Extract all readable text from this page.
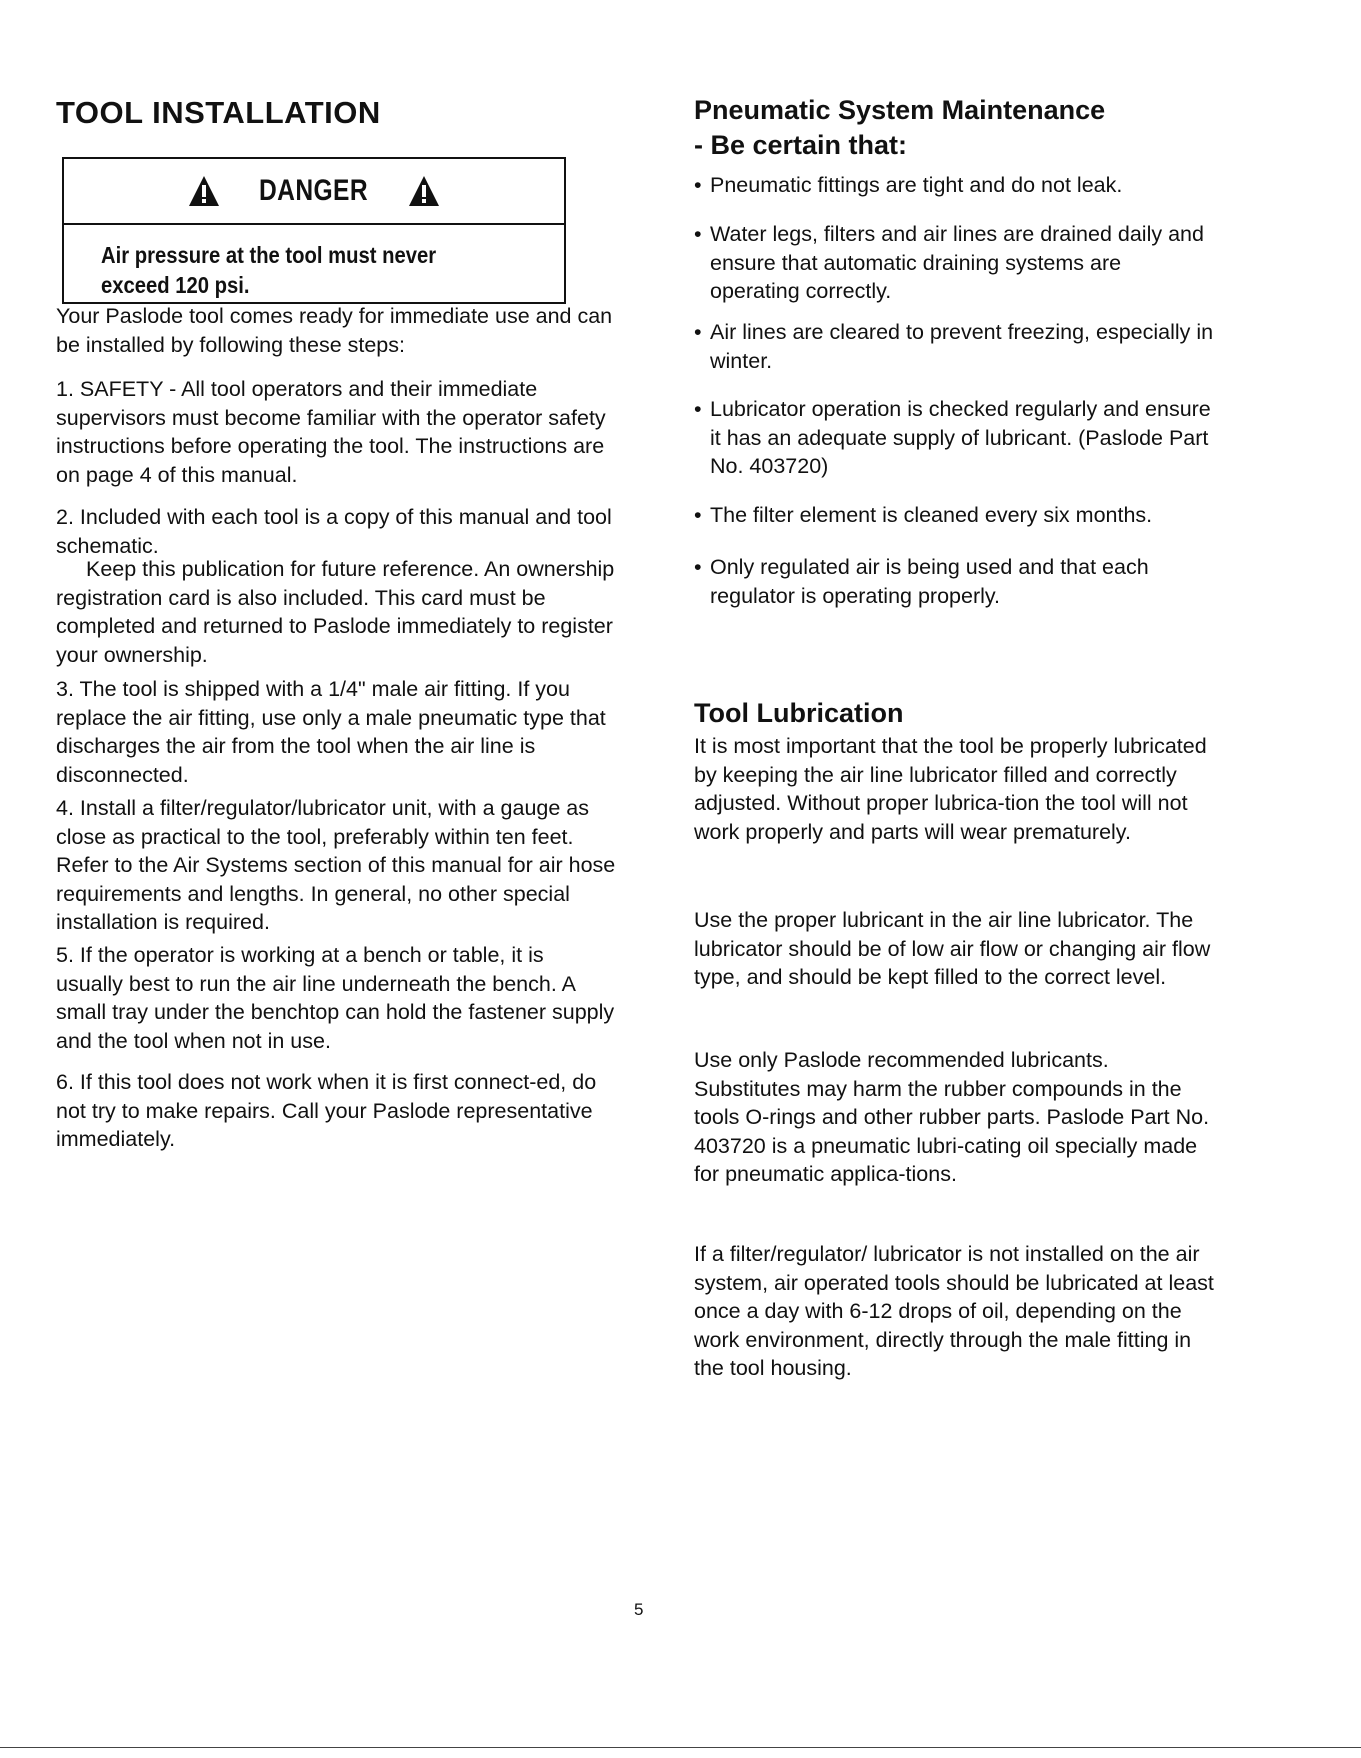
TOOL INSTALLATION
DANGER
Air pressure at the tool must never
exceed 120 psi.

Your Paslode tool comes ready for immediate use and can be installed by following these steps:

1. SAFETY - All tool operators and their immediate supervisors must become familiar with the operator safety instructions before operating the tool. The instructions are on page 4 of this manual.

2. Included with each tool is a copy of this manual and tool schematic.

Keep this publication for future reference. An ownership registration card is also included. This card must be completed and returned to Paslode immediately to register your ownership.

3. The tool is shipped with a 1/4" male air fitting. If you replace the air fitting, use only a male pneumatic type that discharges the air from the tool when the air line is disconnected.

4. Install a filter/regulator/lubricator unit, with a gauge as close as practical to the tool, preferably within ten feet. Refer to the Air Systems section of this manual for air hose requirements and lengths. In general, no other special installation is required.

5. If the operator is working at a bench or table, it is usually best to run the air line underneath the bench. A small tray under the benchtop can hold the fastener supply and the tool when not in use.

6. If this tool does not work when it is first connect-ed, do not try to make repairs. Call your Paslode representative immediately.

Pneumatic System Maintenance
- Be certain that:
• Pneumatic fittings are tight and do not leak.
• Water legs, filters and air lines are drained daily and ensure that automatic draining systems are operating correctly.
• Air lines are cleared to prevent freezing, especially in winter.
• Lubricator operation is checked regularly and ensure it has an adequate supply of lubricant. (Paslode Part No. 403720)
• The filter element is cleaned every six months.
• Only regulated air is being used and that each regulator is operating properly.
Tool Lubrication

It is most important that the tool be properly lubricated by keeping the air line lubricator filled and correctly adjusted. Without proper lubrica-tion the tool will not work properly and parts will wear prematurely.

Use the proper lubricant in the air line lubricator. The lubricator should be of low air flow or changing air flow type, and should be kept filled to the correct level.

Use only Paslode recommended lubricants. Substitutes may harm the rubber compounds in the tools O-rings and other rubber parts. Paslode Part No. 403720 is a pneumatic lubri-cating oil specially made for pneumatic applica-tions.

If a filter/regulator/ lubricator is not installed on the air system, air operated tools should be lubricated at least once a day with 6-12 drops of oil, depending on the work environment, directly through the male fitting in the tool housing.

5
